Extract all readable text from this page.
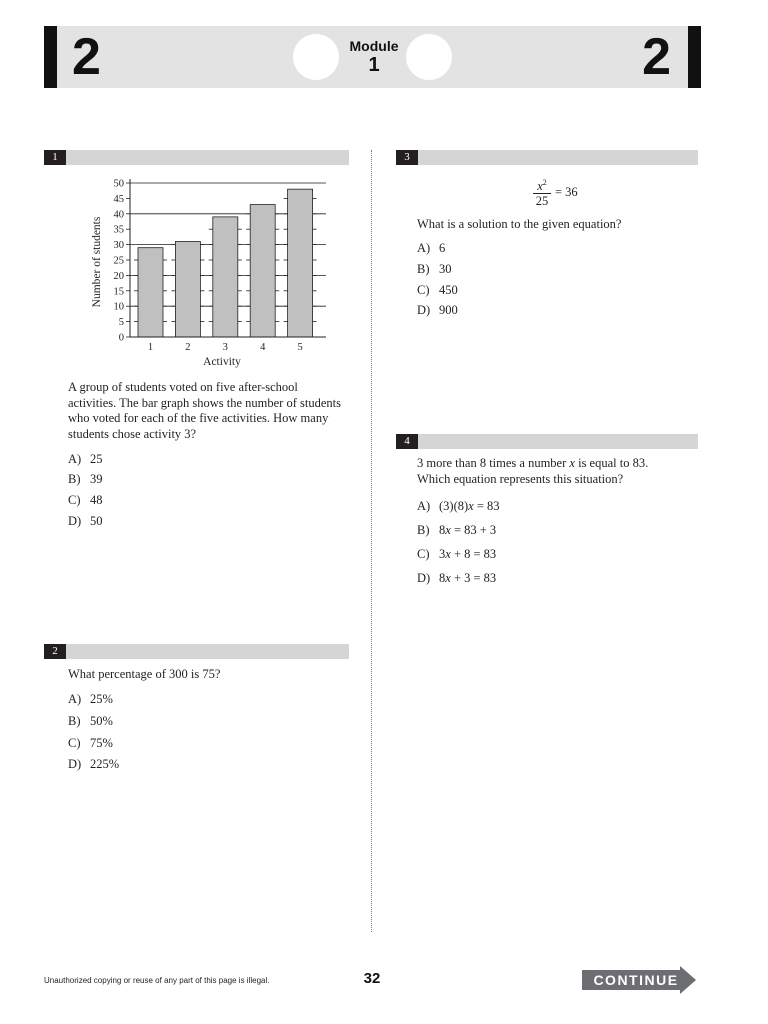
2	Module
1	2
1
0
5
10
15
20
25
30
35
40
45
50
1	2	3	4	5
Activity
Number of students
A group of students voted on five after-school activities. The bar graph shows the number of students who voted for each of the five activities. How many students chose activity 3?
A) 25
B) 39
C) 48
D) 50
2
What percentage of 300 is 75?
A) 25%
B) 50%
C) 75%
D) 225%
3
$\frac{x^2}{25} = 36$
What is a solution to the given equation?
A) 6
B) 30
C) 450
D) 900
4
3 more than 8 times a number x is equal to 83.
Which equation represents this situation?
A) (3)(8)x = 83
B) 8x = 83 + 3
C) 3x + 8 = 83
D) 8x + 3 = 83
Unauthorized copying or reuse of any part of this page is illegal.	32	CONTINUE
